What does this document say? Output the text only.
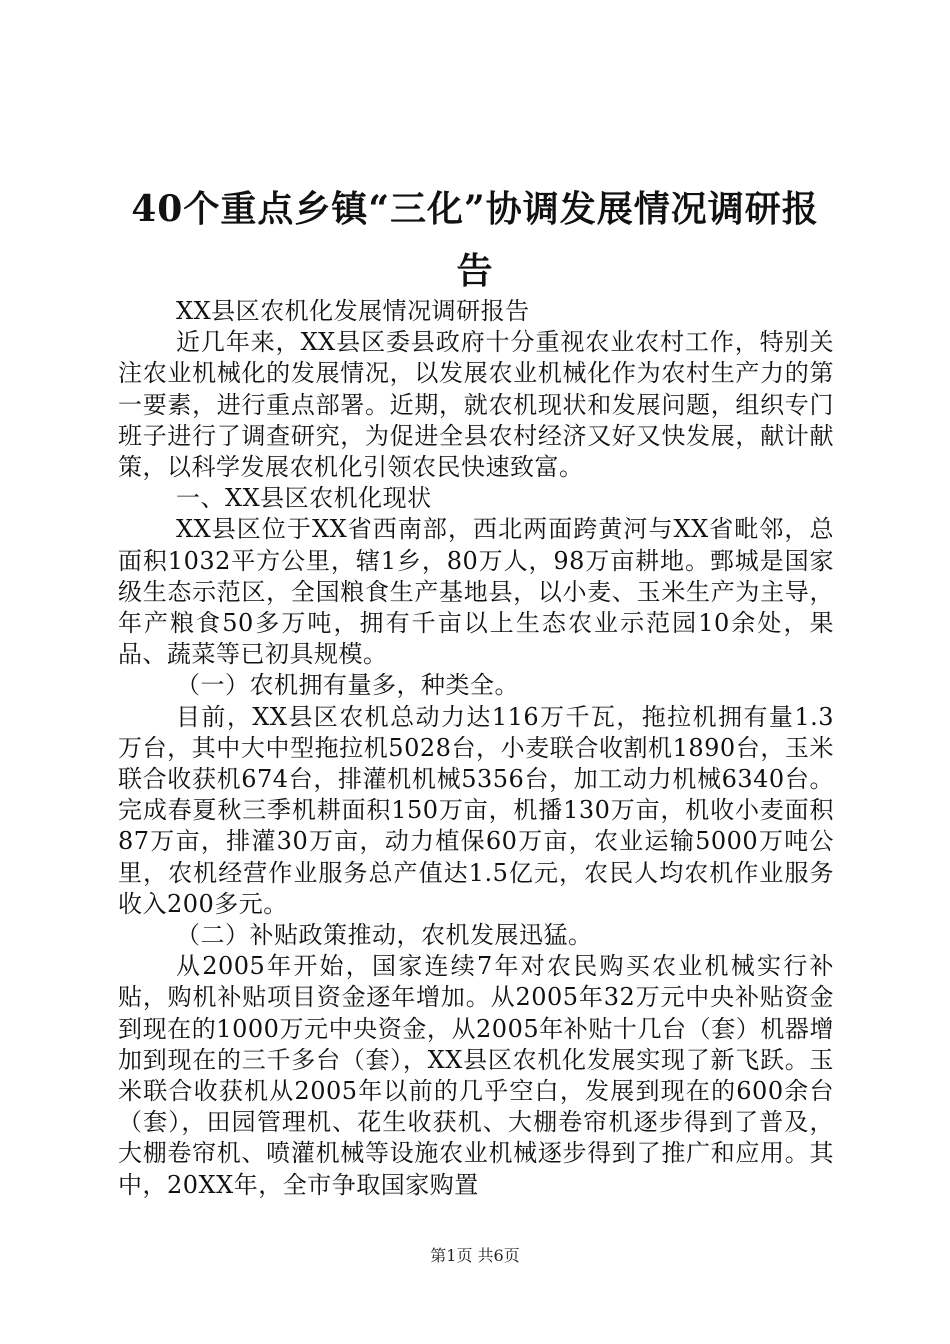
40个重点乡镇“三化”协调发展情况调研报告

XX县区农机化发展情况调研报告

近几年来，XX县区委县政府十分重视农业农村工作，特别关注农业机械化的发展情况，以发展农业机械化作为农村生产力的第一要素，进行重点部署。近期，就农机现状和发展问题，组织专门班子进行了调查研究，为促进全县农村经济又好又快发展，献计献策，以科学发展农机化引领农民快速致富。

一、XX县区农机化现状

XX县区位于XX省西南部，西北两面跨黄河与XX省毗邻，总面积1032平方公里，辖1乡，80万人，98万亩耕地。鄄城是国家级生态示范区，全国粮食生产基地县，以小麦、玉米生产为主导，年产粮食50多万吨，拥有千亩以上生态农业示范园10余处，果品、蔬菜等已初具规模。

（一）农机拥有量多，种类全。

目前，XX县区农机总动力达116万千瓦，拖拉机拥有量1.3万台，其中大中型拖拉机5028台，小麦联合收割机1890台，玉米联合收获机674台，排灌机机械5356台，加工动力机械6340台。完成春夏秋三季机耕面积150万亩，机播130万亩，机收小麦面积87万亩，排灌30万亩，动力植保60万亩，农业运输5000万吨公里，农机经营作业服务总产值达1.5亿元，农民人均农机作业服务收入200多元。

（二）补贴政策推动，农机发展迅猛。

从2005年开始，国家连续7年对农民购买农业机械实行补贴，购机补贴项目资金逐年增加。从2005年32万元中央补贴资金到现在的1000万元中央资金，从2005年补贴十几台（套）机器增加到现在的三千多台（套），XX县区农机化发展实现了新飞跃。玉米联合收获机从2005年以前的几乎空白，发展到现在的600余台（套），田园管理机、花生收获机、大棚卷帘机逐步得到了普及，大棚卷帘机、喷灌机械等设施农业机械逐步得到了推广和应用。其中，20XX年，全市争取国家购置

第1页 共6页
